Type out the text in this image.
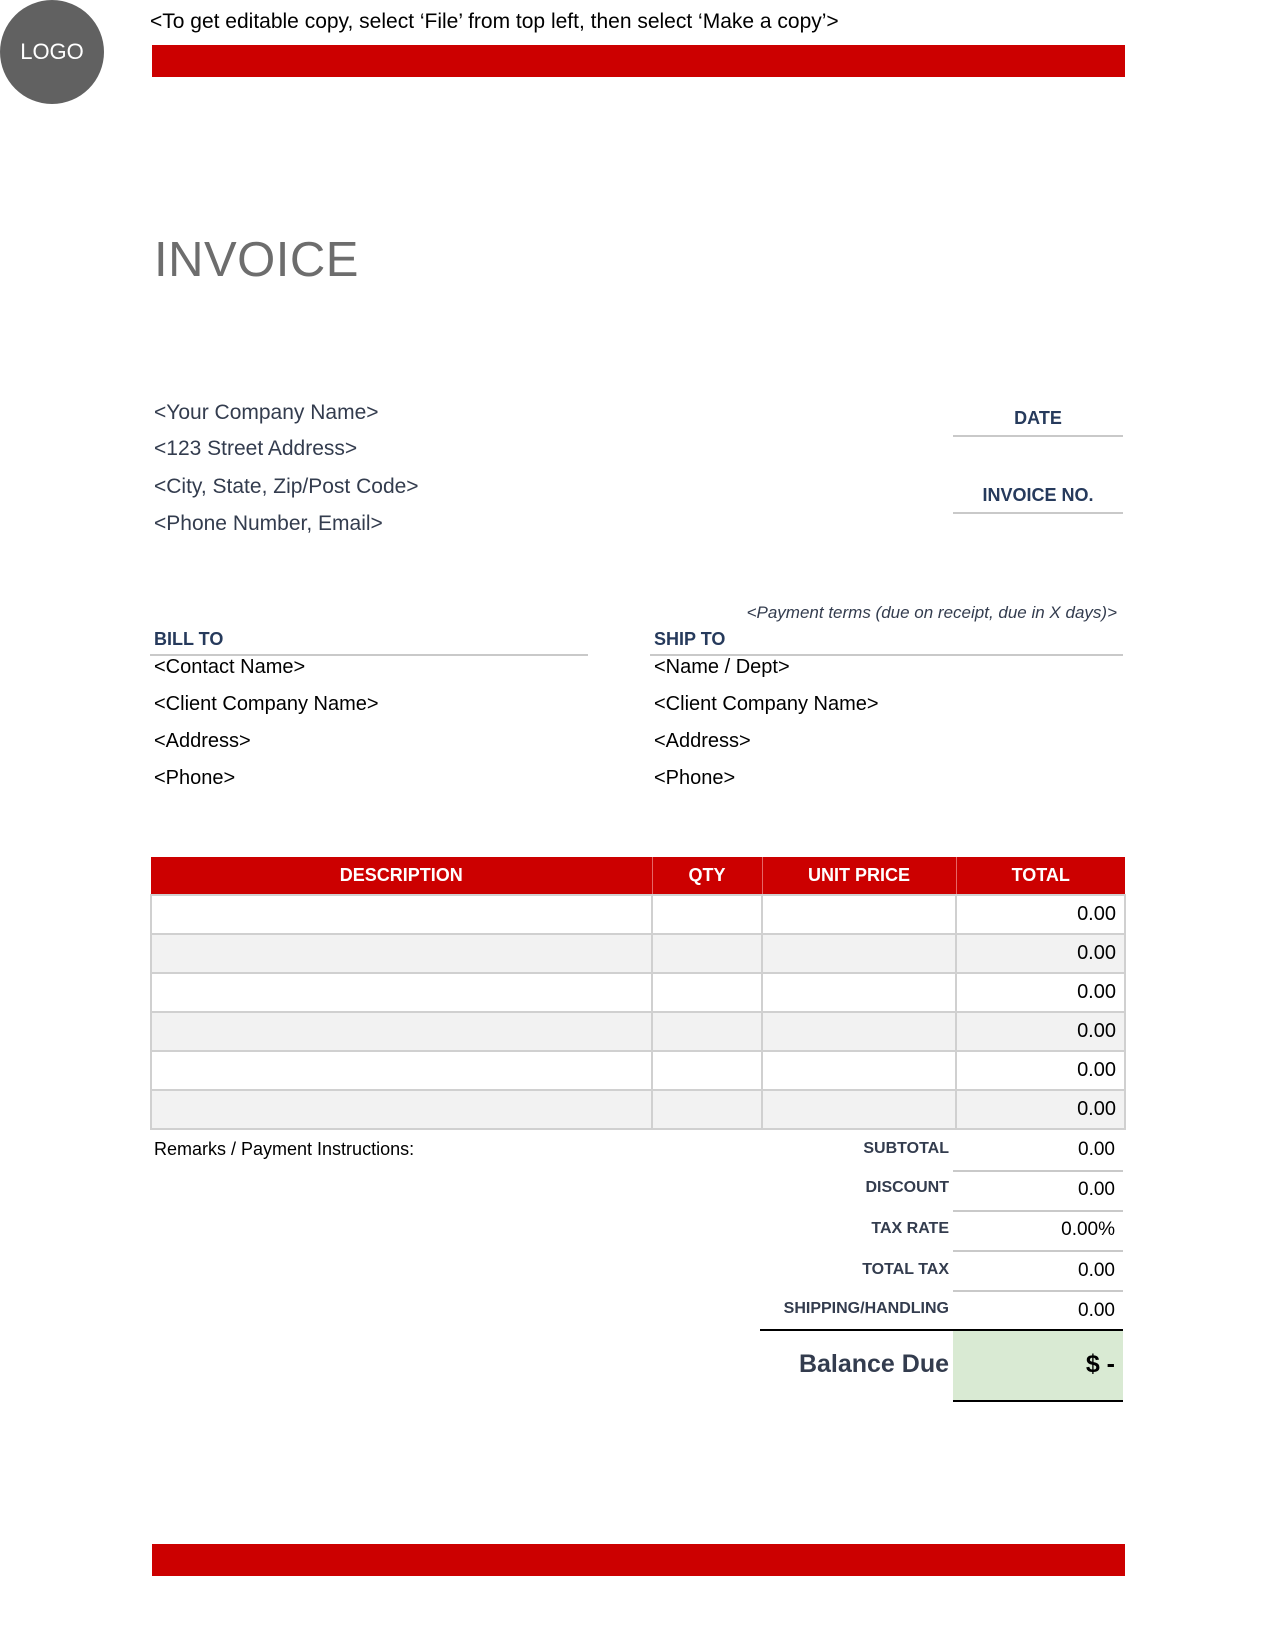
<To get editable copy, select ‘File’ from top left, then select ‘Make a copy’>
INVOICE
LOGO
<Your Company Name>
<123 Street Address>
<City, State, Zip/Post Code>
<Phone Number, Email>
DATE
INVOICE NO.
<Payment terms (due on receipt, due in X days)>
BILL TO
<Contact Name>
<Client Company Name>
<Address>
<Phone>
SHIP TO
<Name / Dept>
<Client Company Name>
<Address>
<Phone>
DESCRIPTION	QTY	UNIT PRICE	TOTAL
			0.00
			0.00
			0.00
			0.00
			0.00
			0.00
Remarks / Payment Instructions:	SUBTOTAL	0.00
DISCOUNT	0.00
TAX RATE	0.00%
TOTAL TAX	0.00
SHIPPING/HANDLING	0.00
Balance Due	$ -
